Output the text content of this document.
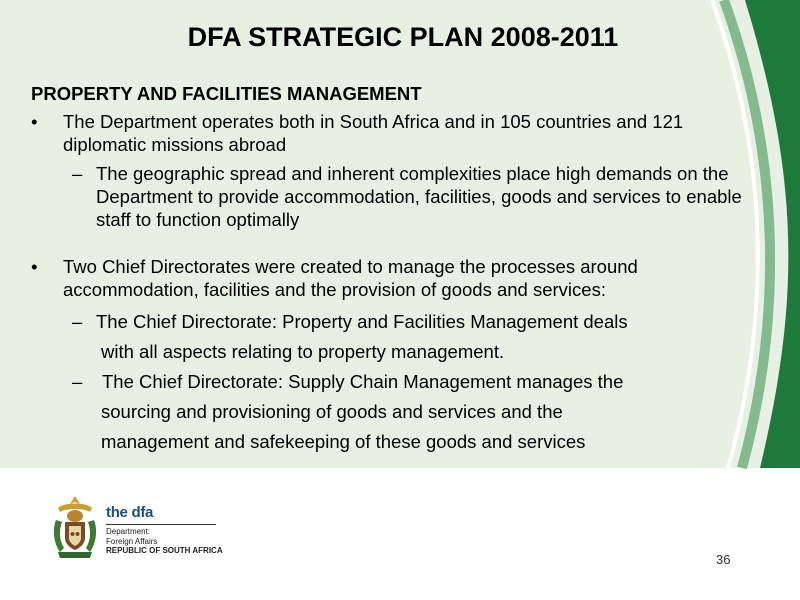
DFA STRATEGIC PLAN 2008-2011
PROPERTY AND FACILITIES MANAGEMENT
• The Department operates both in South Africa and in 105 countries and 121 diplomatic missions abroad
– The geographic spread and inherent complexities place high demands on the Department to provide accommodation, facilities, goods and services to enable staff to function optimally
• Two Chief Directorates were created to manage the processes around accommodation, facilities and the provision of goods and services:
– The Chief Directorate: Property and Facilities Management deals
with all aspects relating to property management.
– The Chief Directorate: Supply Chain Management manages the
sourcing and provisioning of goods and services and the
management and safekeeping of these goods and services
the dfa
Department:
Foreign Affairs
REPUBLIC OF SOUTH AFRICA
36
